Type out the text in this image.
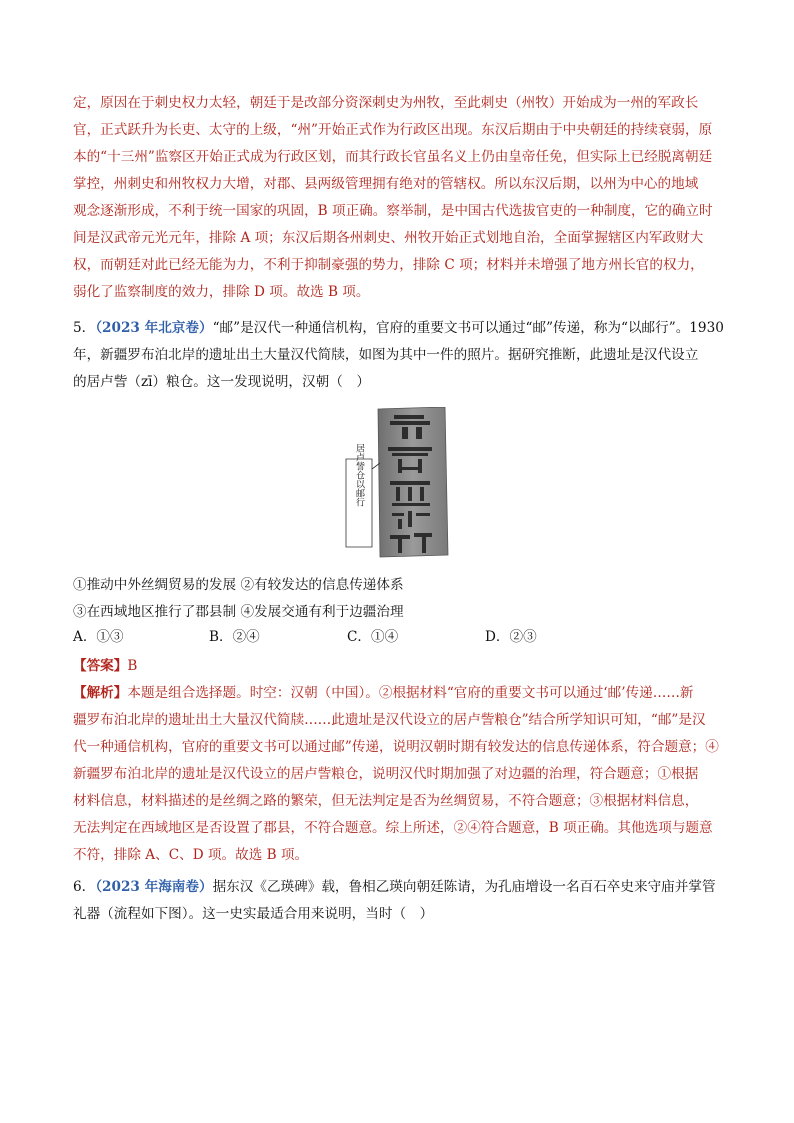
定，原因在于刺史权力太轻，朝廷于是改部分资深刺史为州牧，至此刺史（州牧）开始成为一州的军政长
官，正式跃升为长吏、太守的上级，“州”开始正式作为行政区出现。东汉后期由于中央朝廷的持续衰弱，原
本的“十三州”监察区开始正式成为行政区划，而其行政长官虽名义上仍由皇帝任免，但实际上已经脱离朝廷
掌控，州刺史和州牧权力大增，对郡、县两级管理拥有绝对的管辖权。所以东汉后期，以州为中心的地域
观念逐渐形成，不利于统一国家的巩固，B 项正确。察举制，是中国古代选拔官吏的一种制度，它的确立时
间是汉武帝元光元年，排除 A 项；东汉后期各州刺史、州牧开始正式划地自治，全面掌握辖区内军政财大
权，而朝廷对此已经无能为力，不利于抑制豪强的势力，排除 C 项；材料并未增强了地方州长官的权力，
弱化了监察制度的效力，排除 D 项。故选 B 项。
5．（2023 年北京卷）“邮”是汉代一种通信机构，官府的重要文书可以通过“邮”传递，称为“以邮行”。1930
年，新疆罗布泊北岸的遗址出土大量汉代简牍，如图为其中一件的照片。据研究推断，此遗址是汉代设立
的居卢訾（zī）粮仓。这一发现说明，汉朝（　）
居卢訾仓以邮行
①推动中外丝绸贸易的发展 ②有较发达的信息传递体系
③在西域地区推行了郡县制 ④发展交通有利于边疆治理
A．①③	B．②④	C．①④	D．②③
【答案】B
【解析】本题是组合选择题。时空：汉朝（中国）。②根据材料“官府的重要文书可以通过‘邮’传递……新
疆罗布泊北岸的遗址出土大量汉代简牍……此遗址是汉代设立的居卢訾粮仓”结合所学知识可知，“邮”是汉
代一种通信机构，官府的重要文书可以通过邮”传递，说明汉朝时期有较发达的信息传递体系，符合题意；④
新疆罗布泊北岸的遗址是汉代设立的居卢訾粮仓，说明汉代时期加强了对边疆的治理，符合题意；①根据
材料信息，材料描述的是丝绸之路的繁荣，但无法判定是否为丝绸贸易，不符合题意；③根据材料信息，
无法判定在西域地区是否设置了郡县，不符合题意。综上所述，②④符合题意，B 项正确。其他选项与题意
不符，排除 A、C、D 项。故选 B 项。
6．（2023 年海南卷）据东汉《乙瑛碑》载，鲁相乙瑛向朝廷陈请，为孔庙增设一名百石卒史来守庙并掌管
礼器（流程如下图）。这一史实最适合用来说明，当时（　）
